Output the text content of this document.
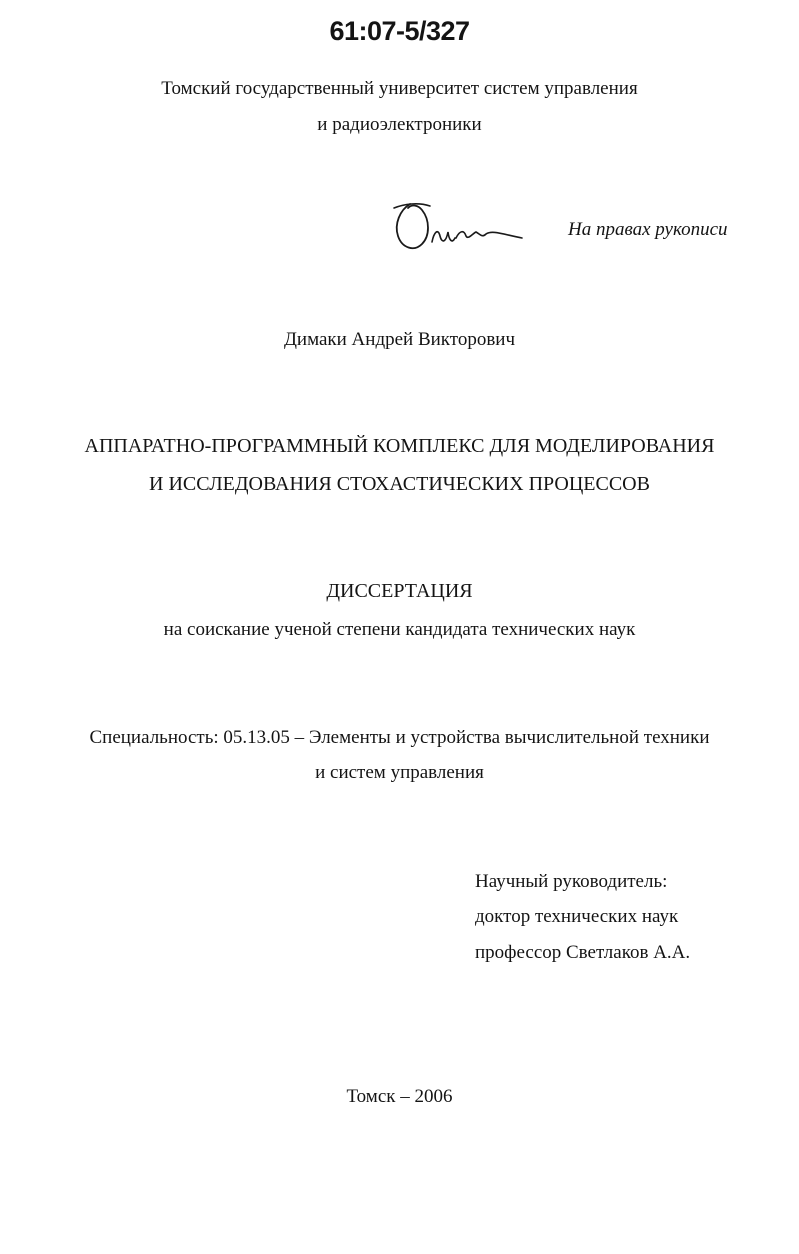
61:07-5/327
Томский государственный университет систем управления
и радиоэлектроники
На правах рукописи
Димаки Андрей Викторович
АППАРАТНО-ПРОГРАММНЫЙ КОМПЛЕКС ДЛЯ МОДЕЛИРОВАНИЯ
И ИССЛЕДОВАНИЯ СТОХАСТИЧЕСКИХ ПРОЦЕССОВ
ДИССЕРТАЦИЯ
на соискание ученой степени кандидата технических наук
Специальность: 05.13.05 – Элементы и устройства вычислительной техники
и систем управления
Научный руководитель:
доктор технических наук
профессор Светлаков А.А.
Томск – 2006
